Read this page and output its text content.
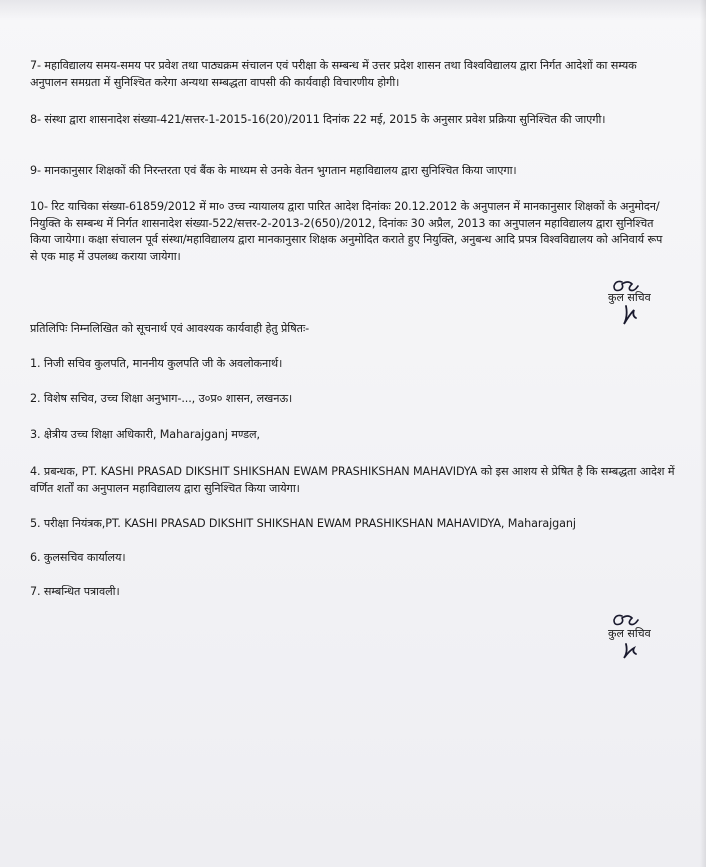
7- महाविद्यालय समय-समय पर प्रवेश तथा पाठ्यक्रम संचालन एवं परीक्षा के सम्बन्ध में उत्तर प्रदेश शासन तथा विश्वविद्यालय द्वारा निर्गत आदेशों का सम्यक अनुपालन समग्रता में सुनिश्चित करेगा अन्यथा सम्बद्धता वापसी की कार्यवाही विचारणीय होगी।
8- संस्था द्वारा शासनादेश संख्या-421/सत्तर-1-2015-16(20)/2011 दिनांक 22 मई, 2015 के अनुसार प्रवेश प्रक्रिया सुनिश्चित की जाएगी।
9- मानकानुसार शिक्षकों की निरन्तरता एवं बैंक के माध्यम से उनके वेतन भुगतान महाविद्यालय द्वारा सुनिश्चित किया जाएगा।
10- रिट याचिका संख्या-61859/2012 में मा० उच्च न्यायालय द्वारा पारित आदेश दिनांकः 20.12.2012 के अनुपालन में मानकानुसार शिक्षकों के अनुमोदन/नियुक्ति के सम्बन्ध में निर्गत शासनादेश संख्या-522/सत्तर-2-2013-2(650)/2012, दिनांकः 30 अप्रैल, 2013 का अनुपालन महाविद्यालय द्वारा सुनिश्चित किया जायेगा। कक्षा संचालन पूर्व संस्था/महाविद्यालय द्वारा मानकानुसार शिक्षक अनुमोदित कराते हुए नियुक्ति, अनुबन्ध आदि प्रपत्र विश्वविद्यालय को अनिवार्य रूप से एक माह में उपलब्ध कराया जायेगा।
कुल सचिव
प्रतिलिपिः निम्नलिखित को सूचनार्थ एवं आवश्यक कार्यवाही हेतु प्रेषितः-
1. निजी सचिव कुलपति, माननीय कुलपति जी के अवलोकनार्थ।
2. विशेष सचिव, उच्च शिक्षा अनुभाग-..., उ०प्र० शासन, लखनऊ।
3. क्षेत्रीय उच्च शिक्षा अधिकारी, Maharajganj मण्डल,
4. प्रबन्धक, PT. KASHI PRASAD DIKSHIT SHIKSHAN EWAM PRASHIKSHAN MAHAVIDYA को इस आशय से प्रेषित है कि सम्बद्धता आदेश में वर्णित शर्तों का अनुपालन महाविद्यालय द्वारा सुनिश्चित किया जायेगा।
5. परीक्षा नियंत्रक,PT. KASHI PRASAD DIKSHIT SHIKSHAN EWAM PRASHIKSHAN MAHAVIDYA, Maharajganj
6. कुलसचिव कार्यालय।
7. सम्बन्धित पत्रावली।
कुल सचिव
